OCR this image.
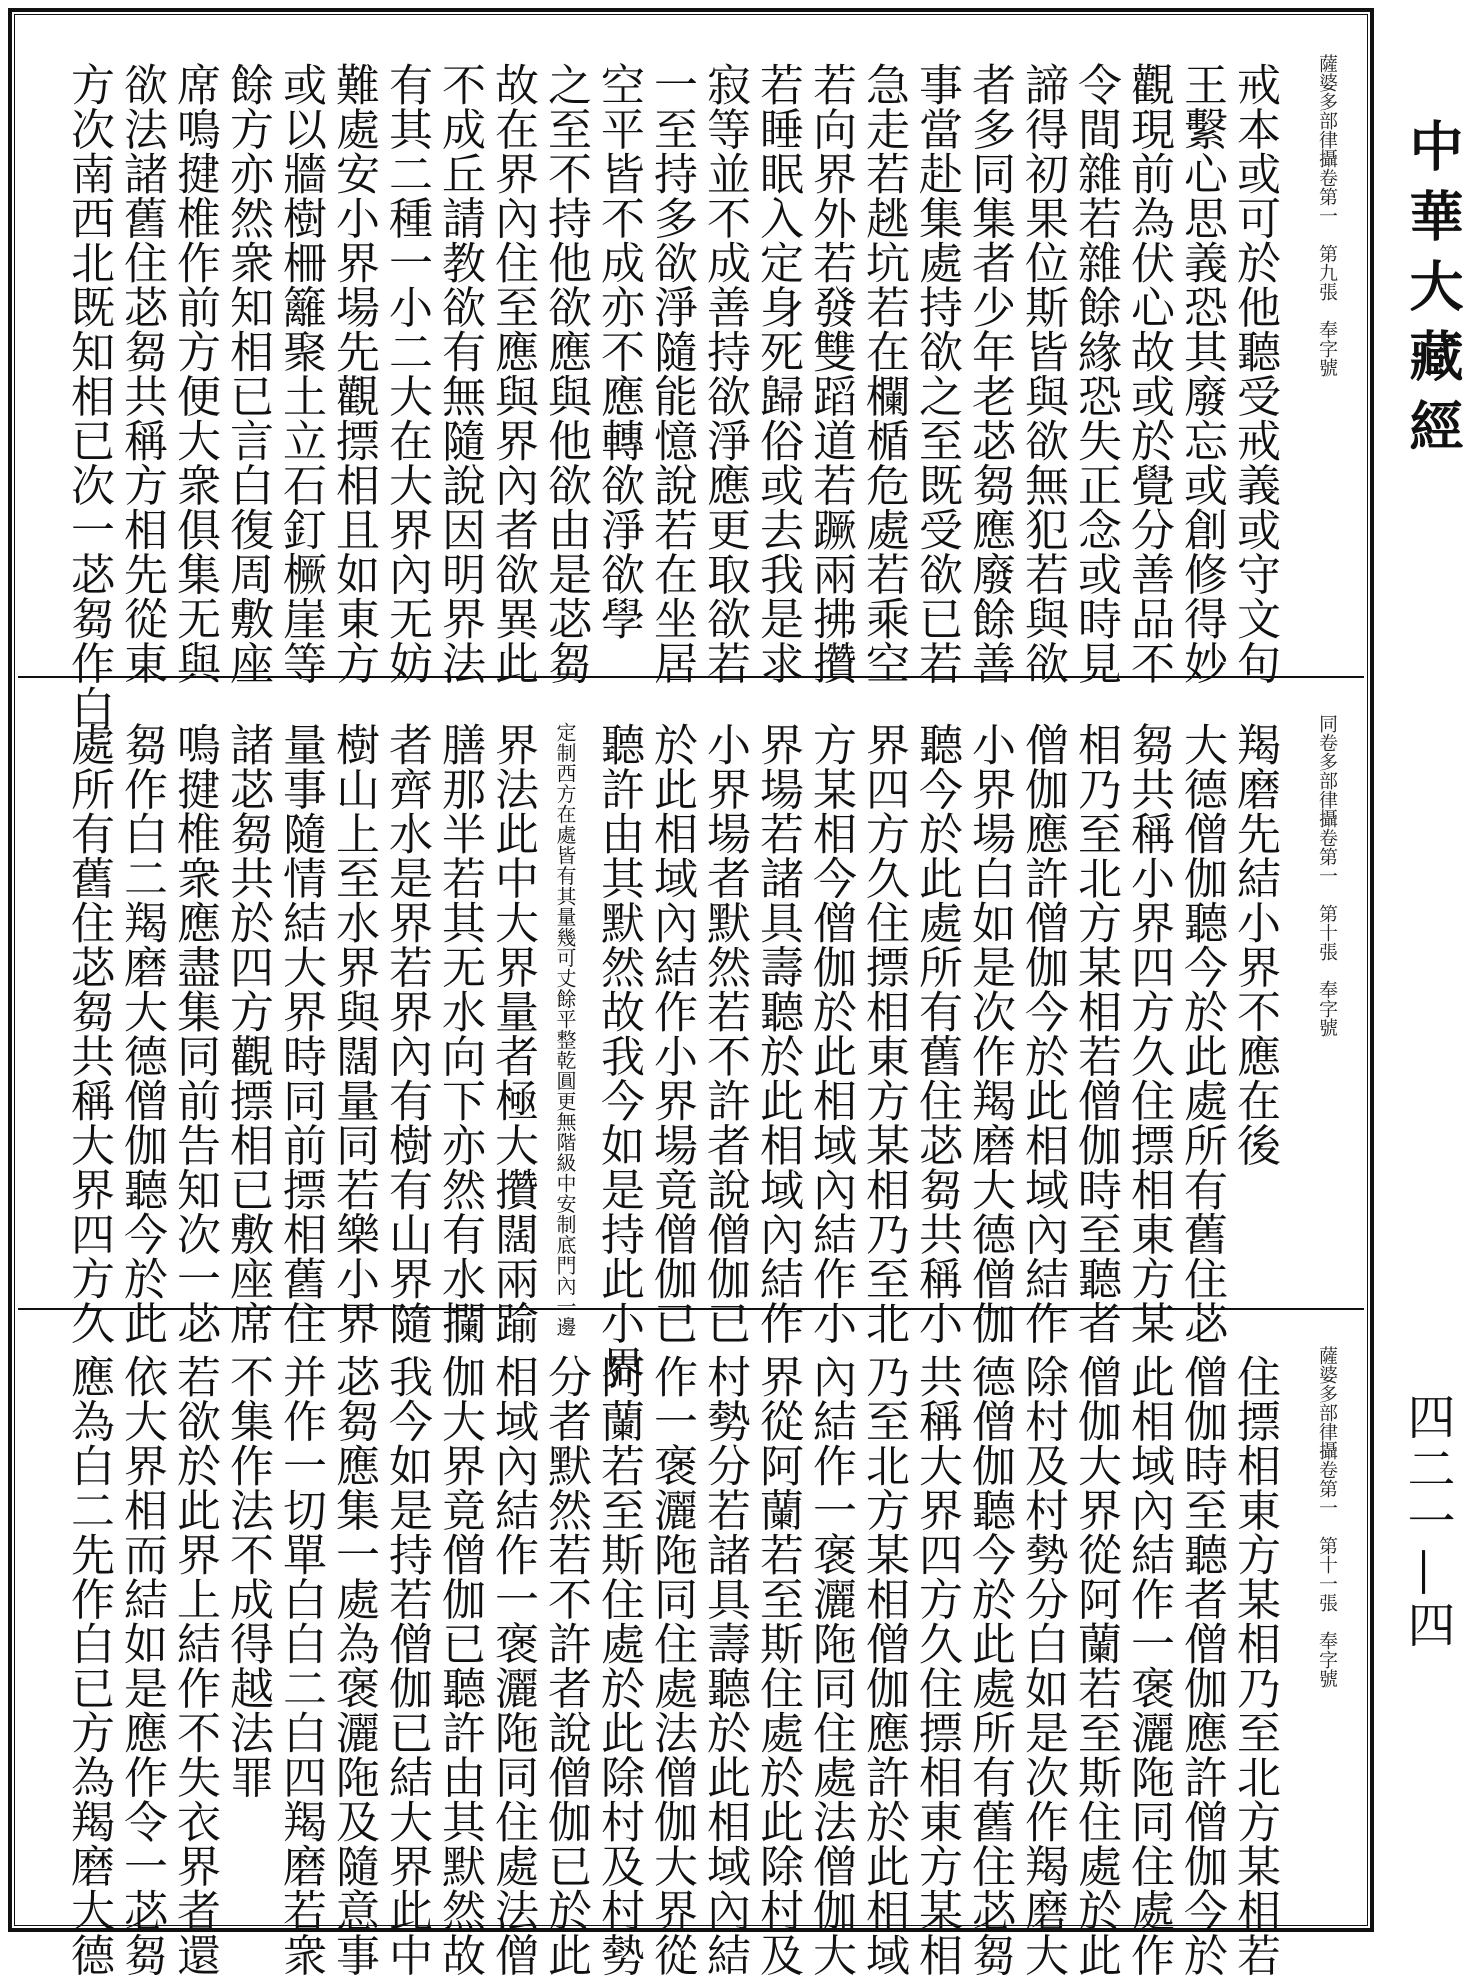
薩婆多部律攝卷第一　第九張　奉字號
戒本或可於他聽受戒義或守文句
王繫心思義恐其廢忘或創修得妙
觀現前為伏心故或於覺分善品不
令間雜若雜餘緣恐失正念或時見
諦得初果位斯皆與欲無犯若與欲
者多同集者少年老苾芻應廢餘善
事當赴集處持欲之至既受欲已若
急走若趒坑若在欄楯危處若乘空
若向界外若發雙蹈道若蹶兩拂攢
若睡眠入定身死歸俗或去我是求
寂等並不成善持欲淨應更取欲若
一至持多欲淨隨能憶說若在坐居
空平皆不成亦不應轉欲淨欲學
之至不持他欲應與他欲由是苾芻
故在界內住至應與界內者欲異此
不成丘請教欲有無隨說因明界法
有其二種一小二大在大界內无妨
難處安小界場先觀摽相且如東方
或以牆樹柵籬聚土立石釘橛崖等
餘方亦然衆知相已言白復周敷座
席鳴揵椎作前方便大衆俱集无與
欲法諸舊住苾芻共稱方相先從東
方次南西北既知相已次一苾芻作白
同卷多部律攝卷第一　第十張　奉字號
羯磨先結小界不應在後
大德僧伽聽今於此處所有舊住苾
芻共稱小界四方久住摽相東方某
相乃至北方某相若僧伽時至聽者
僧伽應許僧伽今於此相域內結作
小界場白如是次作羯磨大德僧伽
聽今於此處所有舊住苾芻共稱小
界四方久住摽相東方某相乃至北
方某相今僧伽於此相域內結作小
界場若諸具壽聽於此相域內結作
小界場者默然若不許者說僧伽已
於此相域內結作小界場竟僧伽已
聽許由其默然故我今如是持此小界
定制西方在處皆有其量幾可丈餘平整乾圓更無階級中安制底門內一邊
界法此中大界量者極大攢闊兩踰
膳那半若其无水向下亦然有水攔
者齊水是界若界內有樹有山界隨
樹山上至水界與闊量同若樂小界
量事隨情結大界時同前摽相舊住
諸苾芻共於四方觀摽相已敷座席
鳴揵椎衆應盡集同前告知次一苾
芻作白二羯磨大德僧伽聽今於此
處所有舊住苾芻共稱大界四方久
薩婆多部律攝卷第一　第十一張　奉字號
住摽相東方某相乃至北方某相若
僧伽時至聽者僧伽應許僧伽今於
此相域內結作一褒灑陁同住處作
僧伽大界從阿蘭若至斯住處於此
除村及村勢分白如是次作羯磨大
德僧伽聽今於此處所有舊住苾芻
共稱大界四方久住摽相東方某相
乃至北方某相僧伽應許於此相域
內結作一褒灑陁同住處法僧伽大
界從阿蘭若至斯住處於此除村及
村勢分若諸具壽聽於此相域內結
作一褒灑陁同住處法僧伽大界從
阿蘭若至斯住處於此除村及村勢
分者默然若不許者說僧伽已於此
相域內結作一褒灑陁同住處法僧
伽大界竟僧伽已聽許由其默然故
我今如是持若僧伽已結大界此中
苾芻應集一處為褒灑陁及隨意事
并作一切單白白二白四羯磨若衆
不集作法不成得越法罪
若欲於此界上結作不失衣界者還
依大界相而結如是應作令一苾芻
應為白二先作白已方為羯磨大德
中華大藏經
四二一—四
